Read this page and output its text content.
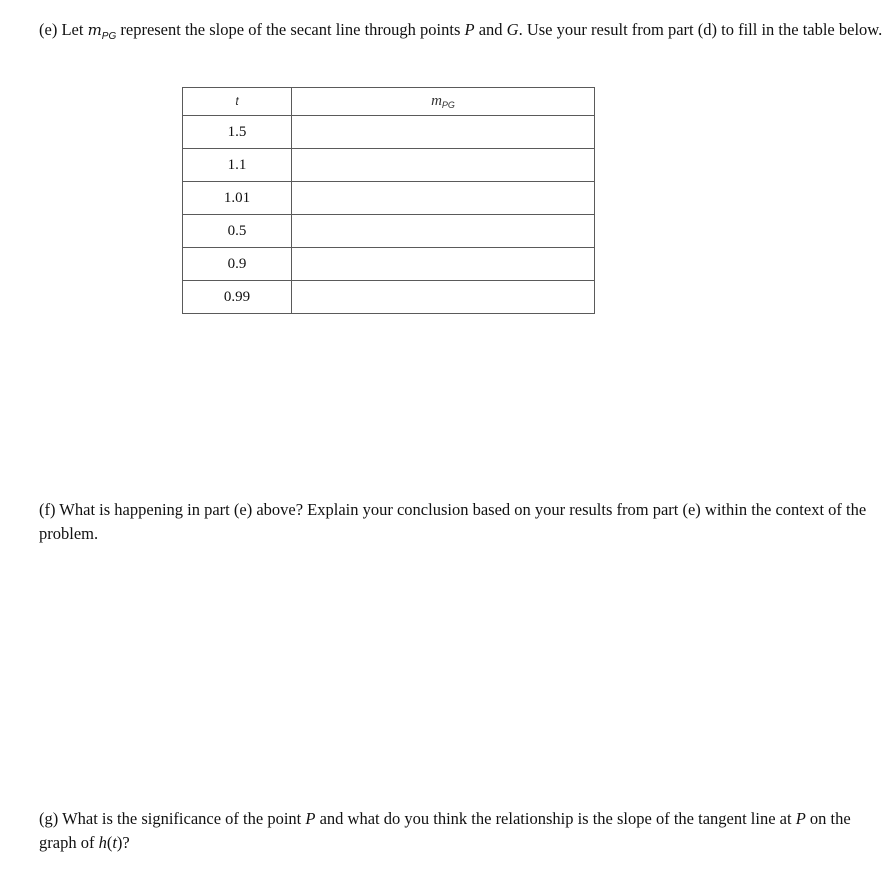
(e) Let $m_{PG}$ represent the slope of the secant line through points P and G. Use your result from part (d) to fill in the table below.

t	$m_{PG}$
1.5	
1.1	
1.01	
0.5	
0.9	
0.99	

(f) What is happening in part (e) above? Explain your conclusion based on your results from part (e) within the context of the problem.

(g) What is the significance of the point P and what do you think the relationship is the slope of the tangent line at P on the graph of h(t)?
